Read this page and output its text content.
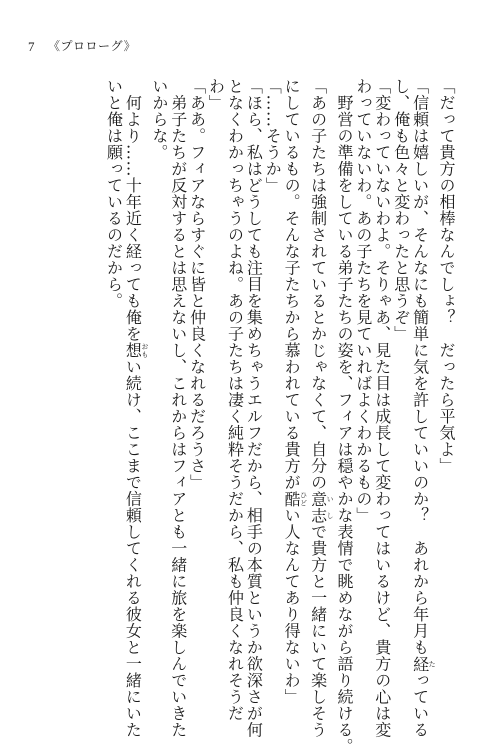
7 《プロローグ》

「だって貴方の相棒なんでしょ？　だったら平気よ」

「信頼は嬉しいが、そんなにも簡単に気を許していいのか？　あれから年月も経たっている

し、俺も色々と変わったと思うぞ」

「変わっていないわよ。そりゃあ、見た目は成長して変わってはいるけど、貴方の心は変

わっていないわ。あの子たちを見ていればよくわかるもの」

　野営の準備をしている弟子たちの姿を、フィアは穏やかな表情で眺めながら語り続ける。

「あの子たちは強制されているとかじゃなくて、自分の意志いしで貴方と一緒にいて楽しそう

にしているもの。そんな子たちから慕われている貴方が酷ひどい人なんてあり得ないわ」

「……そうか」

「ほら、私はどうしても注目を集めちゃうエルフだから、相手の本質というか欲深さが何

となくわかっちゃうのよね。あの子たちは凄く純粋そうだから、私も仲良くなれそうだ

わ」

「ああ。フィアならすぐに皆と仲良くなれるだろうさ」

　弟子たちが反対するとは思えないし、これからはフィアとも一緒に旅を楽しんでいきた

いからな。

　何より……十年近く経っても俺を想おもい続け、ここまで信頼してくれる彼女と一緒にいた

いと俺は願っているのだから。
